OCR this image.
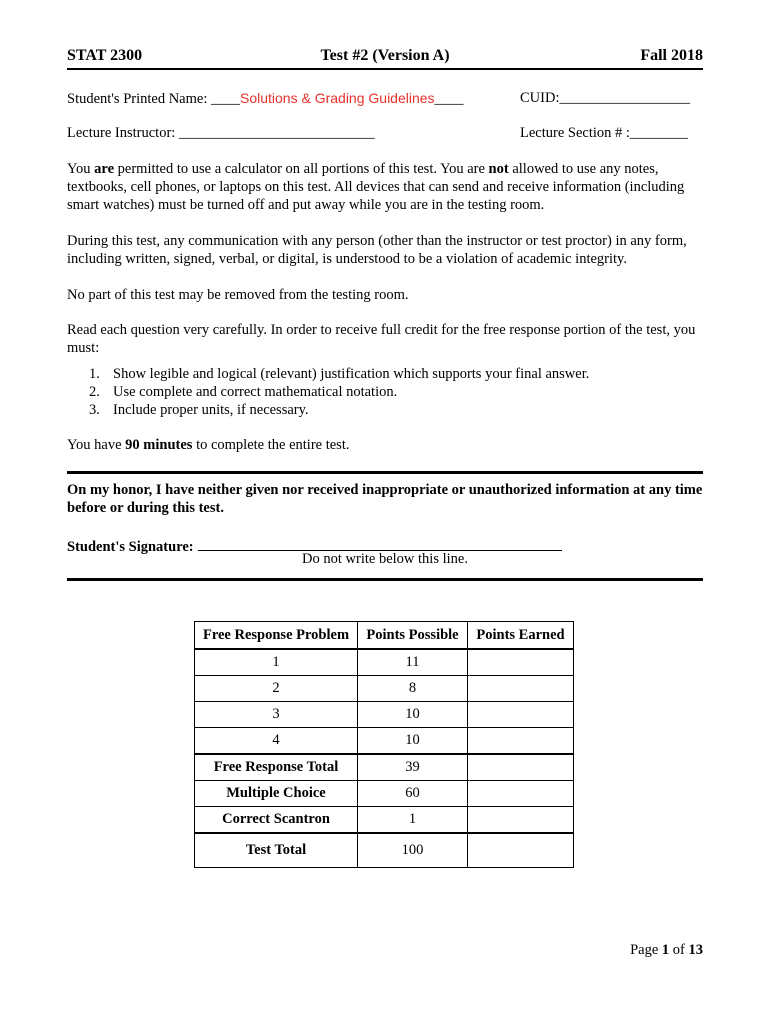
STAT 2300	Test #2 (Version A)	Fall 2018
Student's Printed Name: ____Solutions & Grading Guidelines____	CUID:__________________
Lecture Instructor: ___________________________	Lecture Section # :________
You are permitted to use a calculator on all portions of this test. You are not allowed to use any notes, textbooks, cell phones, or laptops on this test. All devices that can send and receive information (including smart watches) must be turned off and put away while you are in the testing room.
During this test, any communication with any person (other than the instructor or test proctor) in any form, including written, signed, verbal, or digital, is understood to be a violation of academic integrity.
No part of this test may be removed from the testing room.
Read each question very carefully. In order to receive full credit for the free response portion of the test, you must:
1. Show legible and logical (relevant) justification which supports your final answer.
2. Use complete and correct mathematical notation.
3. Include proper units, if necessary.
You have 90 minutes to complete the entire test.
On my honor, I have neither given nor received inappropriate or unauthorized information at any time before or during this test.
Student's Signature:
Do not write below this line.
Free Response Problem	Points Possible	Points Earned
1	11	
2	8	
3	10	
4	10	
Free Response Total	39	
Multiple Choice	60	
Correct Scantron	1	
Test Total	100	
Page 1 of 13
